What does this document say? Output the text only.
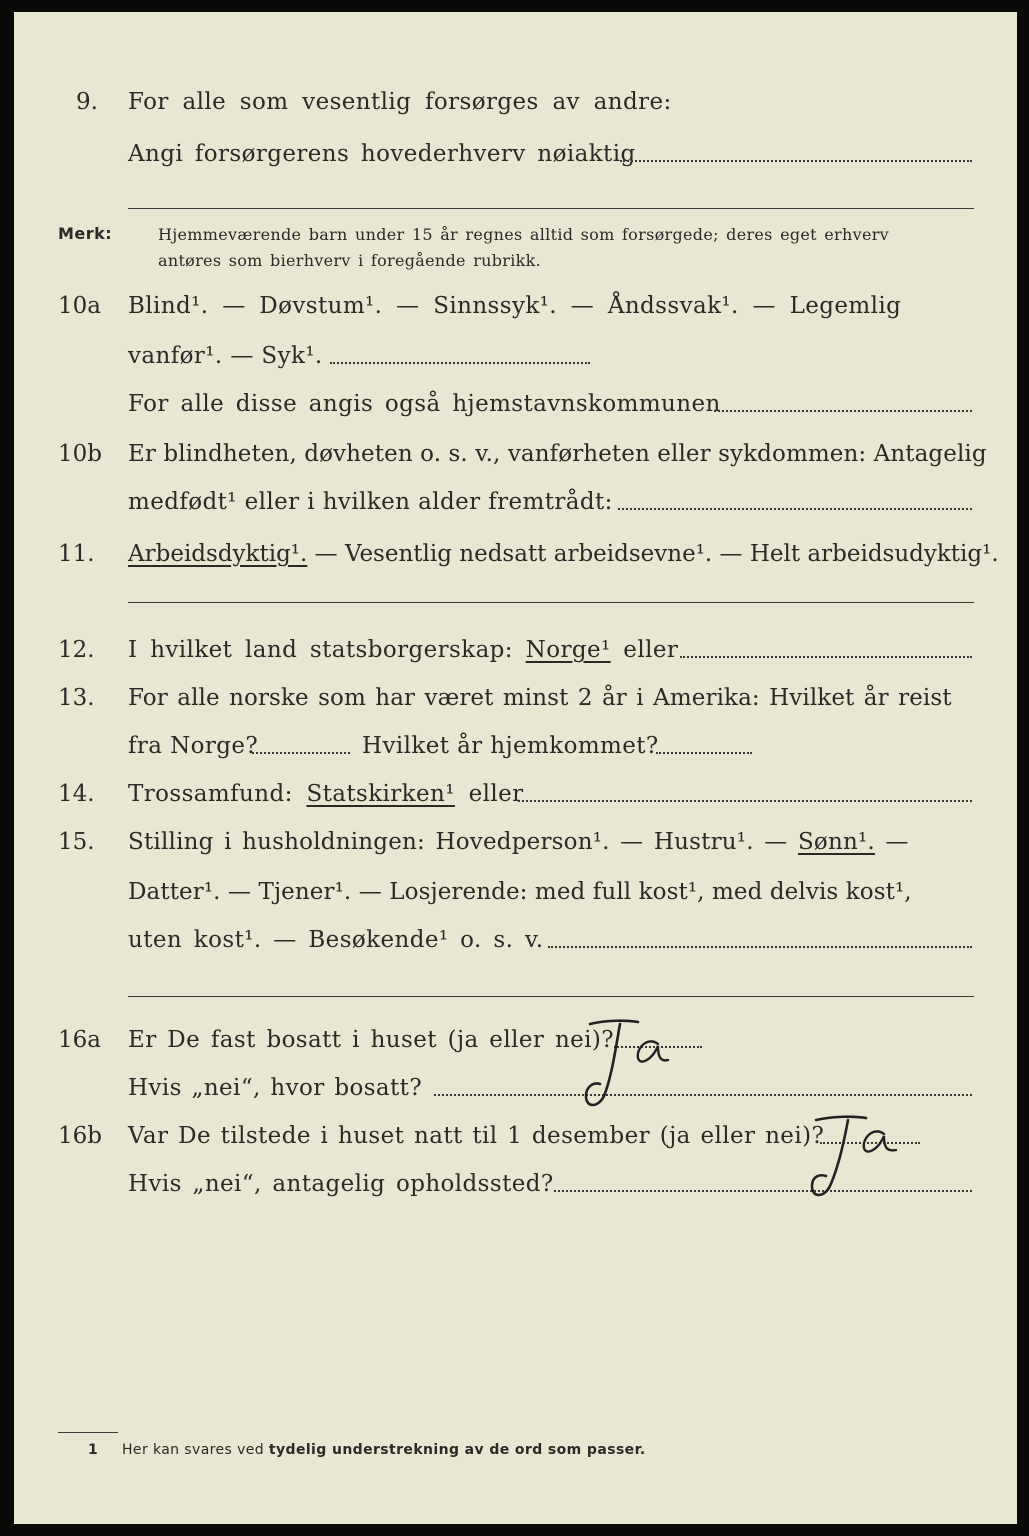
9. For alle som vesentlig forsørges av andre:
Angi forsørgerens hovederhverv nøiaktig
Merk:	Hjemmeværende barn under 15 år regnes alltid som forsørgede; deres eget erhverv
antøres som bierhverv i foregående rubrikk.
10a Blind¹. — Døvstum¹. — Sinnssyk¹. — Åndssvak¹. — Legemlig
vanfør¹. — Syk¹.
For alle disse angis også hjemstavnskommunen
10b Er blindheten, døvheten o. s. v., vanførheten eller sykdommen: Antagelig
medfødt¹ eller i hvilken alder fremtrådt:
11. Arbeidsdyktig¹. — Vesentlig nedsatt arbeidsevne¹. — Helt arbeidsudyktig¹.
12. I hvilket land statsborgerskap: Norge¹ eller
13. For alle norske som har været minst 2 år i Amerika: Hvilket år reist
fra Norge?	Hvilket år hjemkommet?
14. Trossamfund: Statskirken¹ eller
15. Stilling i husholdningen: Hovedperson¹. — Hustru¹. — Sønn¹. —
Datter¹. — Tjener¹. — Losjerende: med full kost¹, med delvis kost¹,
uten kost¹. — Besøkende¹ o. s. v.
16a Er De fast bosatt i huset (ja eller nei)?
Hvis „nei“, hvor bosatt?
16b Var De tilstede i huset natt til 1 desember (ja eller nei)?
Hvis „nei“, antagelig opholdssted?
1 Her kan svares ved tydelig understrekning av de ord som passer.
